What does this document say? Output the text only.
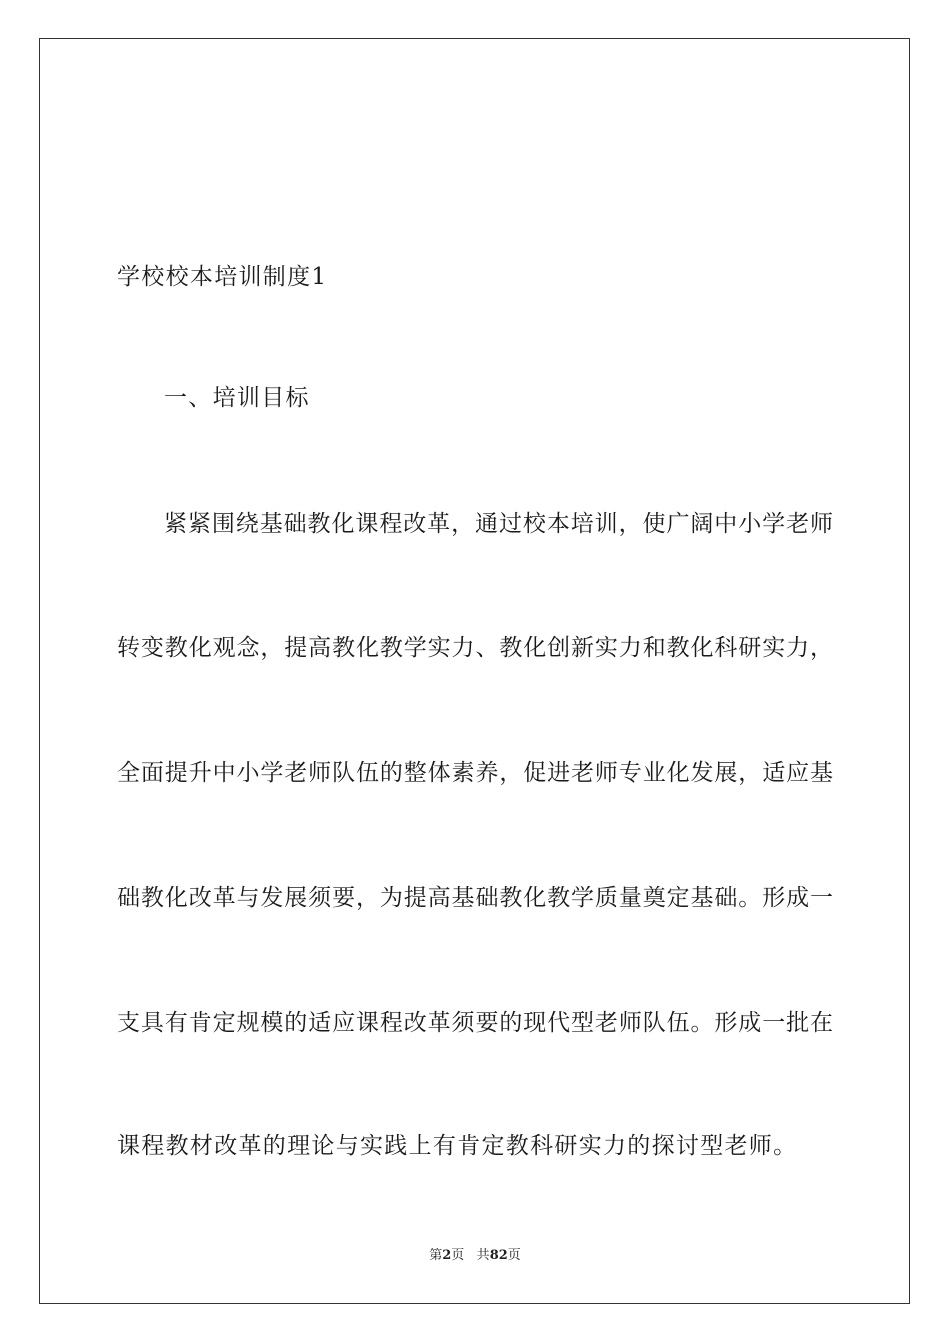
学校校本培训制度1
一、培训目标
紧紧围绕基础教化课程改革，通过校本培训，使广阔中小学老师
转变教化观念，提高教化教学实力、教化创新实力和教化科研实力，
全面提升中小学老师队伍的整体素养，促进老师专业化发展，适应基
础教化改革与发展须要，为提高基础教化教学质量奠定基础。形成一
支具有肯定规模的适应课程改革须要的现代型老师队伍。形成一批在
课程教材改革的理论与实践上有肯定教科研实力的探讨型老师。
第2页 共82页
